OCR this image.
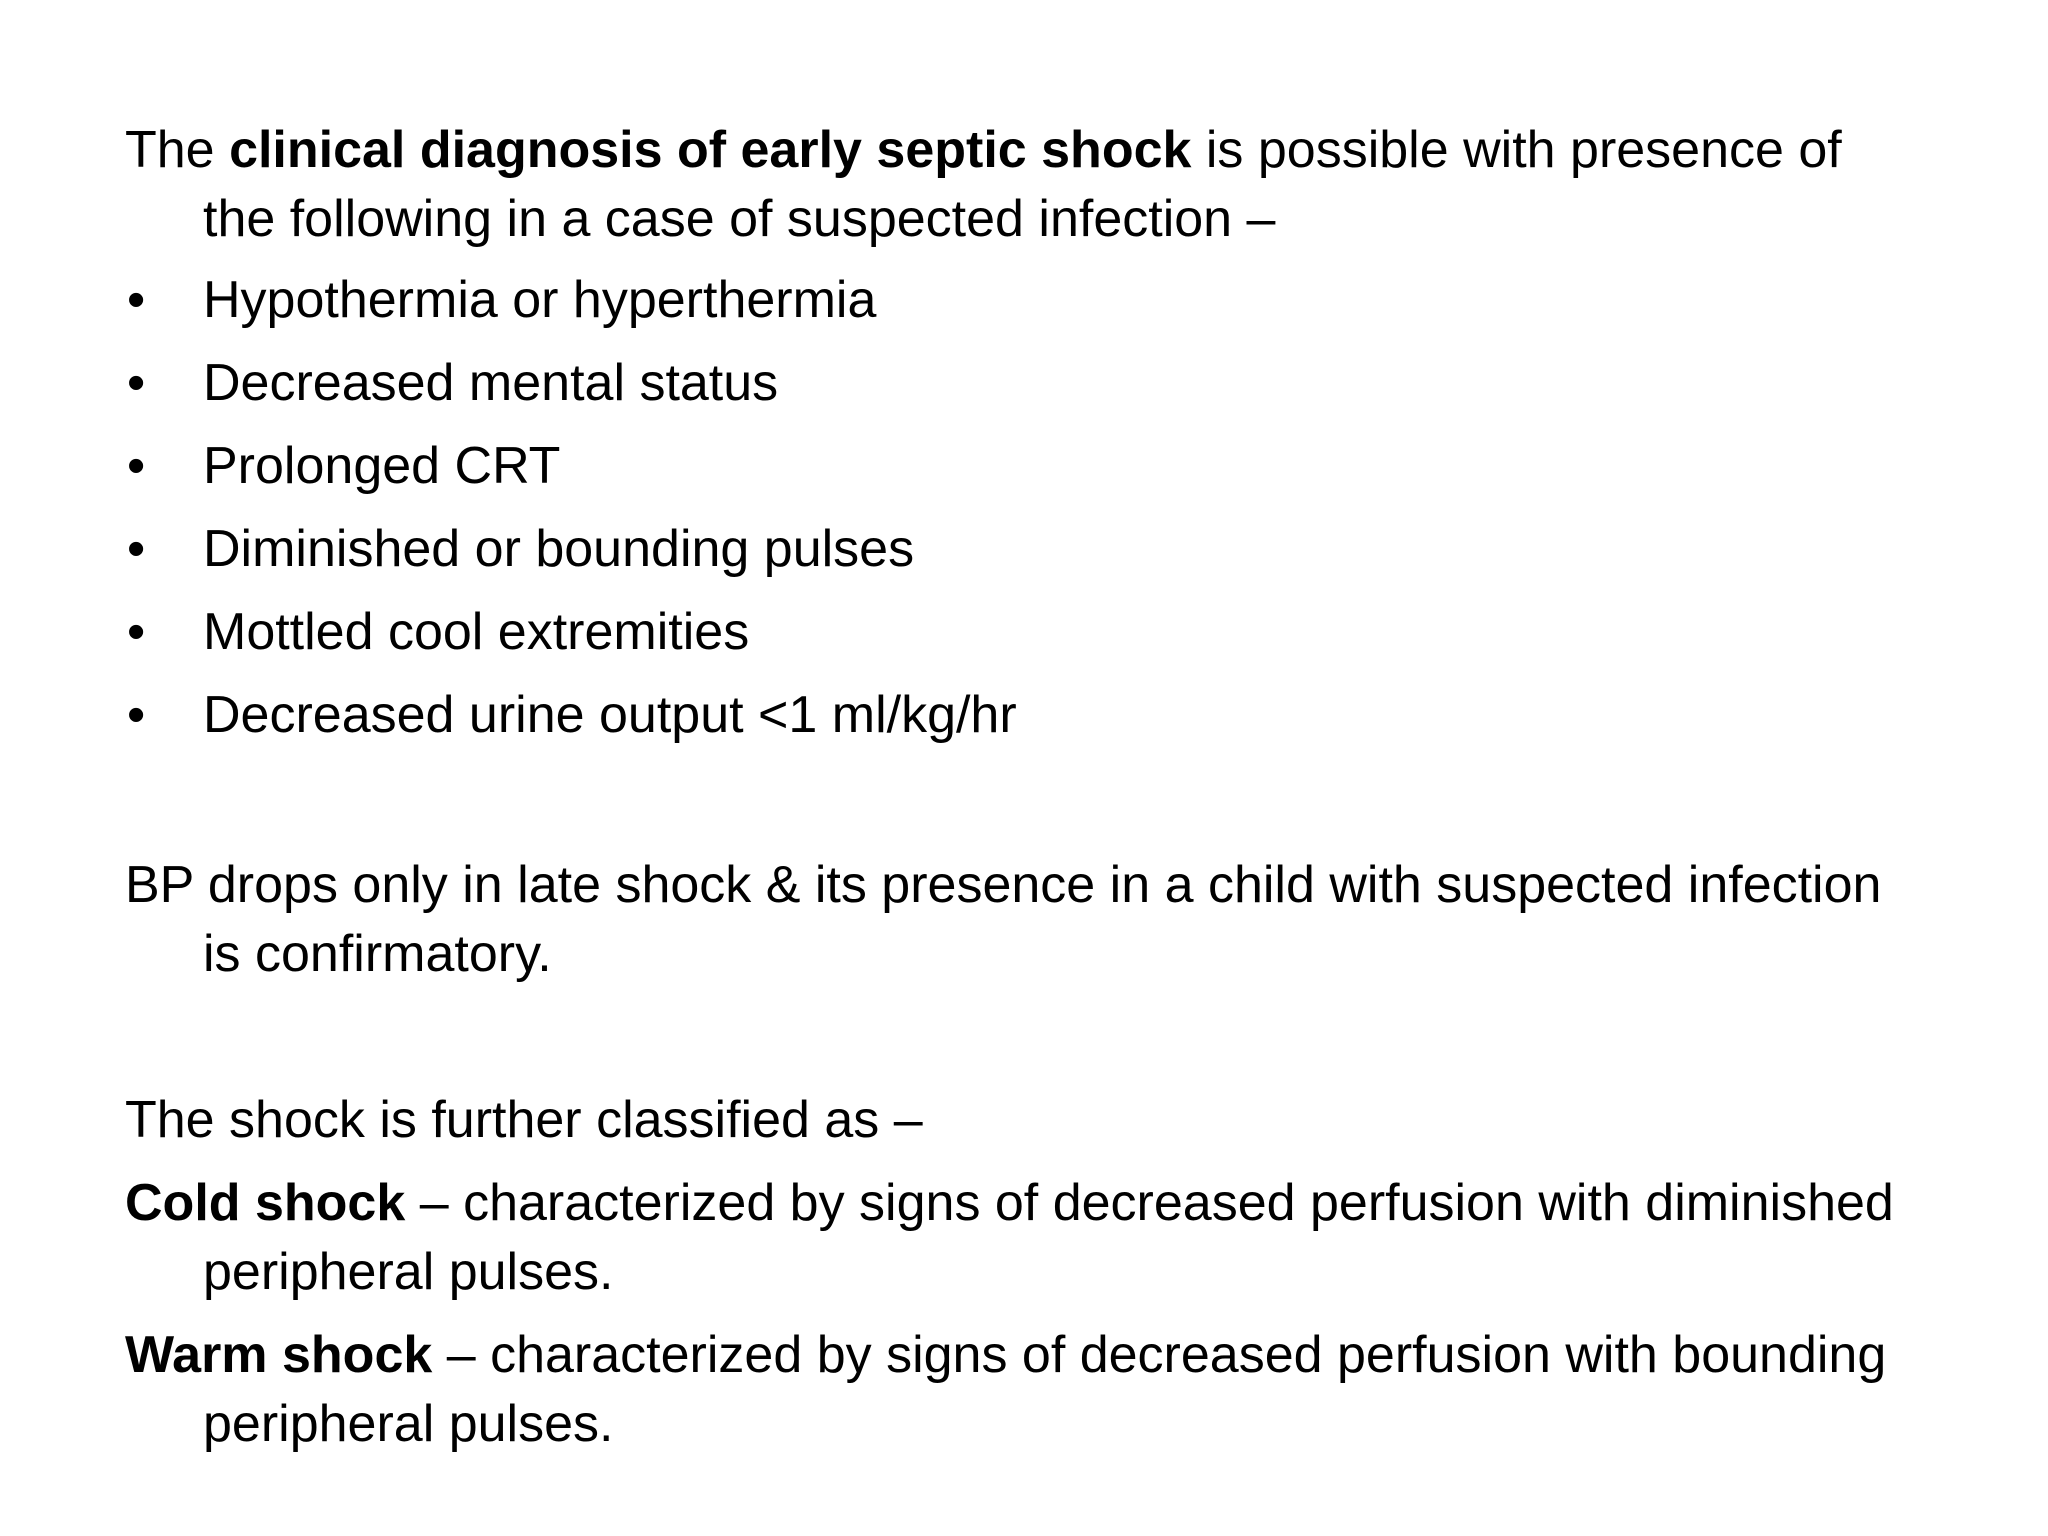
The clinical diagnosis of early septic shock is possible with presence of the following in a case of suspected infection –

•	Hypothermia or hyperthermia
•	Decreased mental status
•	Prolonged CRT
•	Diminished or bounding pulses
•	Mottled cool extremities
•	Decreased urine output <1 ml/kg/hr

BP drops only in late shock & its presence in a child with suspected infection is confirmatory.

The shock is further classified as –

Cold shock – characterized by signs of decreased perfusion with diminished peripheral pulses.

Warm shock – characterized by signs of decreased perfusion with bounding peripheral pulses.
